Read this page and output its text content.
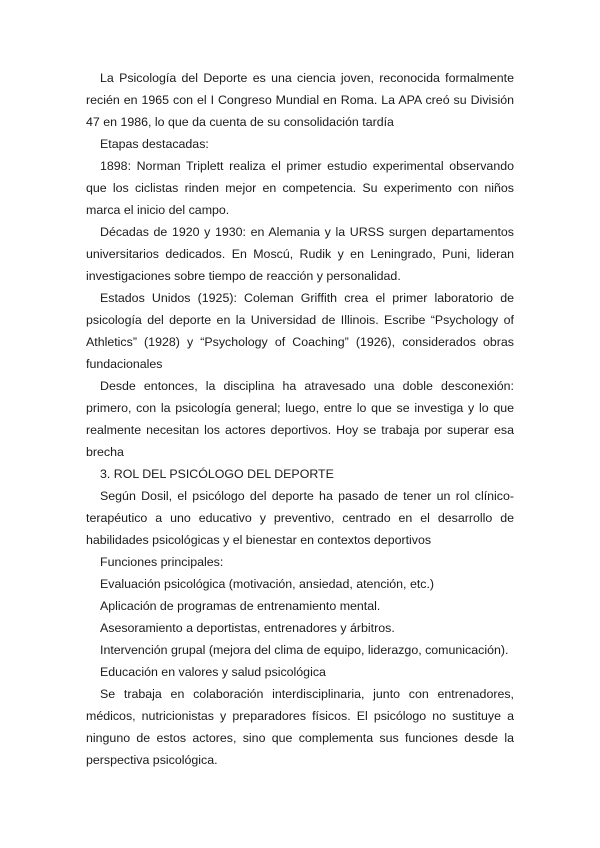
La Psicología del Deporte es una ciencia joven, reconocida formalmente recién en 1965 con el I Congreso Mundial en Roma. La APA creó su División 47 en 1986, lo que da cuenta de su consolidación tardía

Etapas destacadas:

1898: Norman Triplett realiza el primer estudio experimental observando que los ciclistas rinden mejor en competencia. Su experimento con niños marca el inicio del campo.

Décadas de 1920 y 1930: en Alemania y la URSS surgen departamentos universitarios dedicados. En Moscú, Rudik y en Leningrado, Puni, lideran investigaciones sobre tiempo de reacción y personalidad.

Estados Unidos (1925): Coleman Griffith crea el primer laboratorio de psicología del deporte en la Universidad de Illinois. Escribe “Psychology of Athletics” (1928) y “Psychology of Coaching” (1926), considerados obras fundacionales

Desde entonces, la disciplina ha atravesado una doble desconexión: primero, con la psicología general; luego, entre lo que se investiga y lo que realmente necesitan los actores deportivos. Hoy se trabaja por superar esa brecha

3. ROL DEL PSICÓLOGO DEL DEPORTE

Según Dosil, el psicólogo del deporte ha pasado de tener un rol clínico-terapéutico a uno educativo y preventivo, centrado en el desarrollo de habilidades psicológicas y el bienestar en contextos deportivos

Funciones principales:

Evaluación psicológica (motivación, ansiedad, atención, etc.)

Aplicación de programas de entrenamiento mental.

Asesoramiento a deportistas, entrenadores y árbitros.

Intervención grupal (mejora del clima de equipo, liderazgo, comunicación).

Educación en valores y salud psicológica

Se trabaja en colaboración interdisciplinaria, junto con entrenadores, médicos, nutricionistas y preparadores físicos. El psicólogo no sustituye a ninguno de estos actores, sino que complementa sus funciones desde la perspectiva psicológica.
